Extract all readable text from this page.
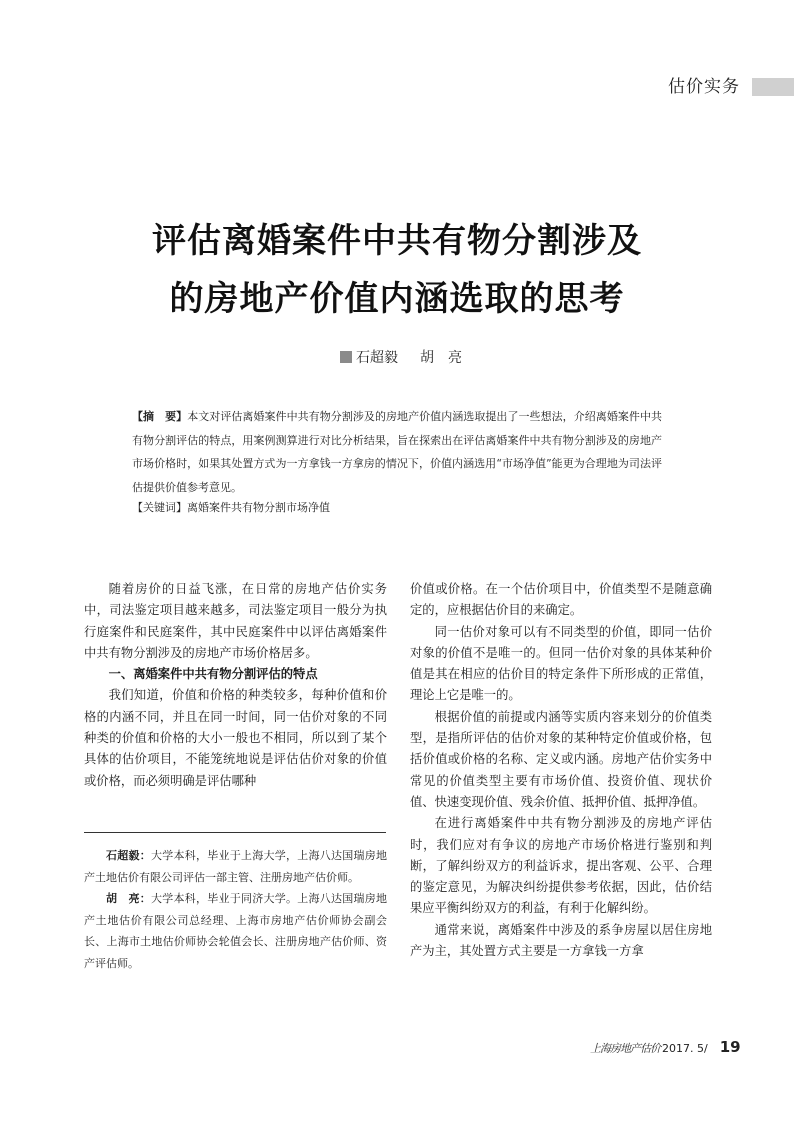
估价实务
评估离婚案件中共有物分割涉及
的房地产价值内涵选取的思考
石超毅 胡　亮
【摘　要】本文对评估离婚案件中共有物分割涉及的房地产价值内涵选取提出了一些想法，介绍离婚案件中共有物分割评估的特点，用案例测算进行对比分析结果，旨在探索出在评估离婚案件中共有物分割涉及的房地产市场价格时，如果其处置方式为一方拿钱一方拿房的情况下，价值内涵选用“市场净值”能更为合理地为司法评估提供价值参考意见。
【关键词】离婚案件共有物分割市场净值

随着房价的日益飞涨，在日常的房地产估价实务中，司法鉴定项目越来越多，司法鉴定项目一般分为执行庭案件和民庭案件，其中民庭案件中以评估离婚案件中共有物分割涉及的房地产市场价格居多。

一、离婚案件中共有物分割评估的特点

我们知道，价值和价格的种类较多，每种价值和价格的内涵不同，并且在同一时间，同一估价对象的不同种类的价值和价格的大小一般也不相同，所以到了某个具体的估价项目，不能笼统地说是评估估价对象的价值或价格，而必须明确是评估哪种

价值或价格。在一个估价项目中，价值类型不是随意确定的，应根据估价目的来确定。

同一估价对象可以有不同类型的价值，即同一估价对象的价值不是唯一的。但同一估价对象的具体某种价值是其在相应的估价目的特定条件下所形成的正常值，理论上它是唯一的。

根据价值的前提或内涵等实质内容来划分的价值类型，是指所评估的估价对象的某种特定价值或价格，包括价值或价格的名称、定义或内涵。房地产估价实务中常见的价值类型主要有市场价值、投资价值、现状价值、快速变现价值、残余价值、抵押价值、抵押净值。

在进行离婚案件中共有物分割涉及的房地产评估时，我们应对有争议的房地产市场价格进行鉴别和判断，了解纠纷双方的利益诉求，提出客观、公平、合理的鉴定意见，为解决纠纷提供参考依据，因此，估价结果应平衡纠纷双方的利益，有利于化解纠纷。

通常来说，离婚案件中涉及的系争房屋以居住房地产为主，其处置方式主要是一方拿钱一方拿

石超毅：大学本科，毕业于上海大学，上海八达国瑞房地产土地估价有限公司评估一部主管、注册房地产估价师。

胡　亮：大学本科，毕业于同济大学。上海八达国瑞房地产土地估价有限公司总经理、上海市房地产估价师协会副会长、上海市土地估价师协会轮值会长、注册房地产估价师、资产评估师。

上海房地产估价 2017. 5/ 19
